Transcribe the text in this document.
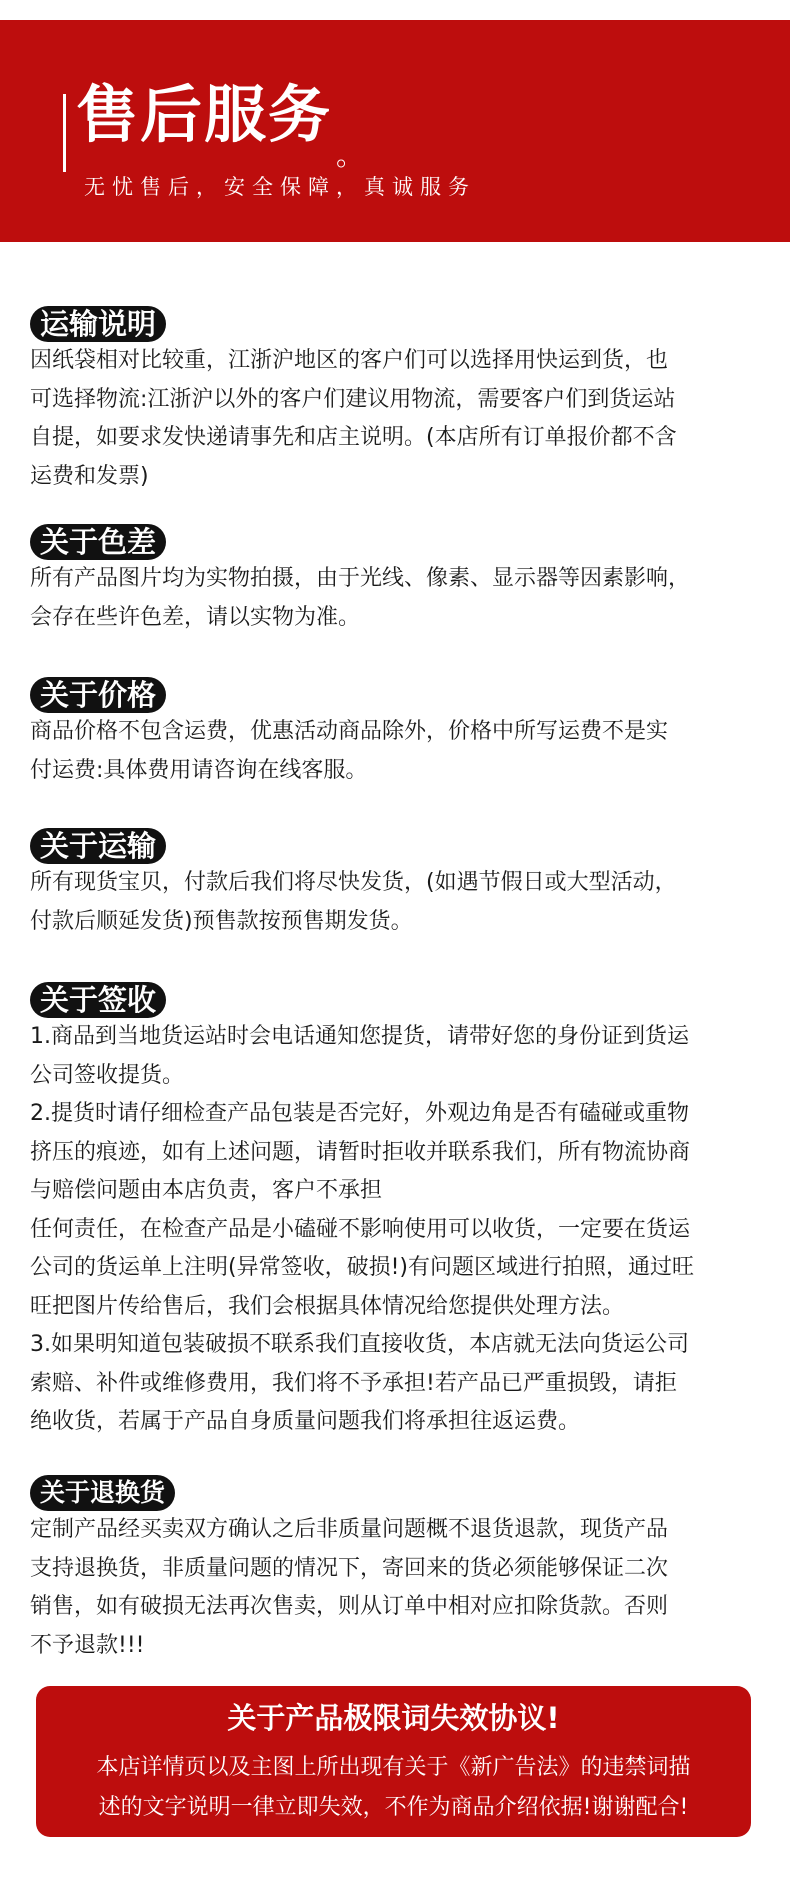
售后服务
。
无忧售后，安全保障，真诚服务
运输说明

因纸袋相对比较重，江浙沪地区的客户们可以选择用快运到货，也
可选择物流:江浙沪以外的客户们建议用物流，需要客户们到货运站
自提，如要求发快递请事先和店主说明。(本店所有订单报价都不含
运费和发票)

关于色差

所有产品图片均为实物拍摄，由于光线、像素、显示器等因素影响，
会存在些许色差，请以实物为准。

关于价格

商品价格不包含运费，优惠活动商品除外，价格中所写运费不是实
付运费:具体费用请咨询在线客服。

关于运输

所有现货宝贝，付款后我们将尽快发货，(如遇节假日或大型活动，
付款后顺延发货)预售款按预售期发货。

关于签收

1.商品到当地货运站时会电话通知您提货，请带好您的身份证到货运
公司签收提货。
2.提货时请仔细检查产品包装是否完好，外观边角是否有磕碰或重物
挤压的痕迹，如有上述问题，请暂时拒收并联系我们，所有物流协商
与赔偿问题由本店负责，客户不承担
任何责任，在检查产品是小磕碰不影响使用可以收货，一定要在货运
公司的货运单上注明(异常签收，破损!)有问题区域进行拍照，通过旺
旺把图片传给售后，我们会根据具体情况给您提供处理方法。
3.如果明知道包装破损不联系我们直接收货，本店就无法向货运公司
索赔、补件或维修费用，我们将不予承担!若产品已严重损毁，请拒
绝收货，若属于产品自身质量问题我们将承担往返运费。

关于退换货

定制产品经买卖双方确认之后非质量问题概不退货退款，现货产品
支持退换货，非质量问题的情况下，寄回来的货必须能够保证二次
销售，如有破损无法再次售卖，则从订单中相对应扣除货款。否则
不予退款!!!

关于产品极限词失效协议!

本店详情页以及主图上所出现有关于《新广告法》的违禁词描
述的文字说明一律立即失效，不作为商品介绍依据!谢谢配合!
